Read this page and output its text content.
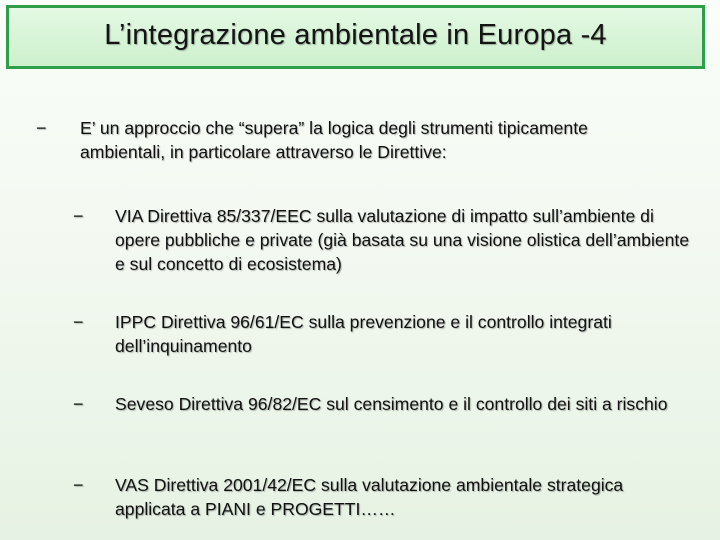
L’integrazione ambientale in Europa -4
−	E’ un approccio che “supera” la logica degli strumenti tipicamente ambientali, in particolare attraverso le Direttive:
−	VIA Direttiva 85/337/EEC sulla valutazione di impatto sull’ambiente di opere pubbliche e private (già basata su una visione olistica dell’ambiente e sul concetto di ecosistema)
−	IPPC Direttiva 96/61/EC sulla prevenzione e il controllo integrati dell’inquinamento
−	Seveso Direttiva 96/82/EC sul censimento e il controllo dei siti a rischio
−	VAS Direttiva 2001/42/EC sulla valutazione ambientale strategica applicata a PIANI e PROGETTI……
